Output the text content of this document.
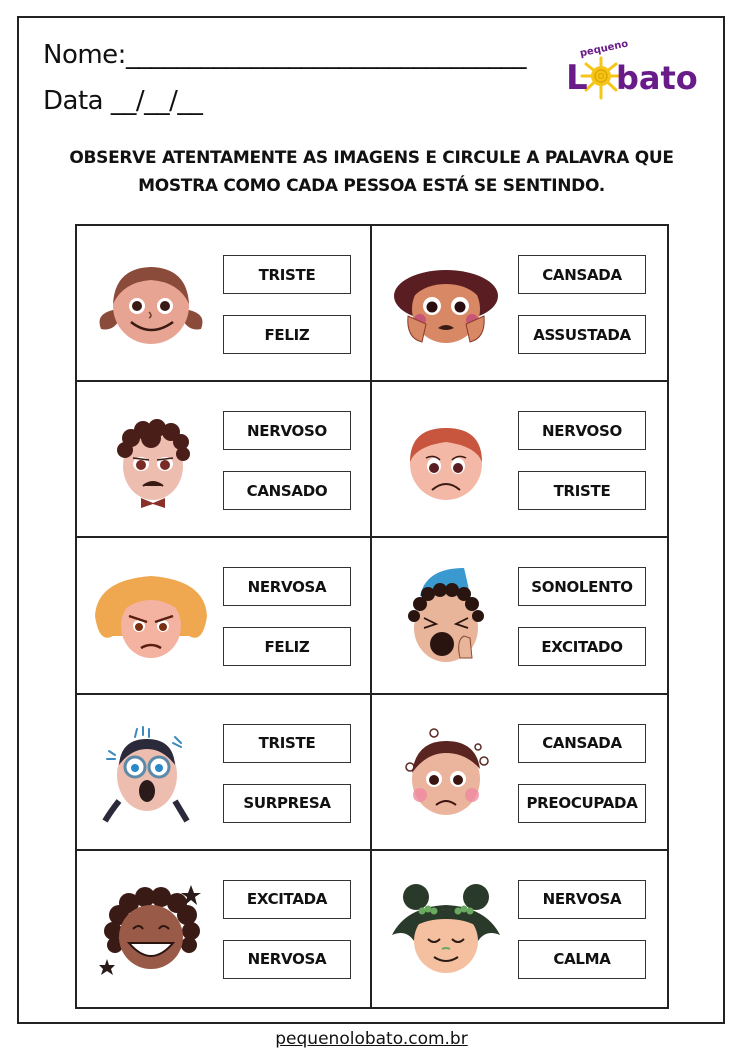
Nome:________________________________
Data __/__/__
L bato
pequeno
OBSERVE ATENTAMENTE AS IMAGENS E CIRCULE A PALAVRA QUE
MOSTRA COMO CADA PESSOA ESTÁ SE SENTINDO.
TRISTE
FELIZ
CANSADA
ASSUSTADA
NERVOSO
CANSADO
NERVOSO
TRISTE
NERVOSA
FELIZ
SONOLENTO
EXCITADO
TRISTE
SURPRESA
CANSADA
PREOCUPADA
EXCITADA
NERVOSA
NERVOSA
CALMA
pequenolobato.com.br
